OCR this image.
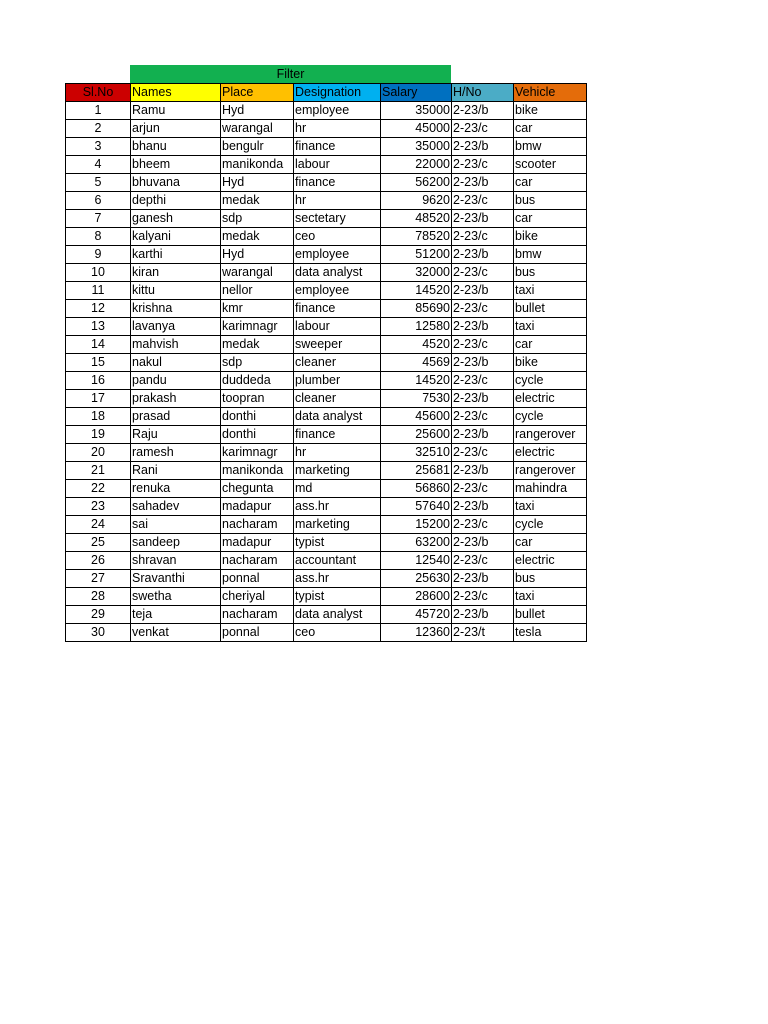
Filter
Sl.No	Names	Place	Designation	Salary	H/No	Vehicle
1	Ramu	Hyd	employee	35000	2-23/b	bike
2	arjun	warangal	hr	45000	2-23/c	car
3	bhanu	bengulr	finance	35000	2-23/b	bmw
4	bheem	manikonda	labour	22000	2-23/c	scooter
5	bhuvana	Hyd	finance	56200	2-23/b	car
6	depthi	medak	hr	9620	2-23/c	bus
7	ganesh	sdp	sectetary	48520	2-23/b	car
8	kalyani	medak	ceo	78520	2-23/c	bike
9	karthi	Hyd	employee	51200	2-23/b	bmw
10	kiran	warangal	data analyst	32000	2-23/c	bus
11	kittu	nellor	employee	14520	2-23/b	taxi
12	krishna	kmr	finance	85690	2-23/c	bullet
13	lavanya	karimnagr	labour	12580	2-23/b	taxi
14	mahvish	medak	sweeper	4520	2-23/c	car
15	nakul	sdp	cleaner	4569	2-23/b	bike
16	pandu	duddeda	plumber	14520	2-23/c	cycle
17	prakash	toopran	cleaner	7530	2-23/b	electric
18	prasad	donthi	data analyst	45600	2-23/c	cycle
19	Raju	donthi	finance	25600	2-23/b	rangerover
20	ramesh	karimnagr	hr	32510	2-23/c	electric
21	Rani	manikonda	marketing	25681	2-23/b	rangerover
22	renuka	chegunta	md	56860	2-23/c	mahindra
23	sahadev	madapur	ass.hr	57640	2-23/b	taxi
24	sai	nacharam	marketing	15200	2-23/c	cycle
25	sandeep	madapur	typist	63200	2-23/b	car
26	shravan	nacharam	accountant	12540	2-23/c	electric
27	Sravanthi	ponnal	ass.hr	25630	2-23/b	bus
28	swetha	cheriyal	typist	28600	2-23/c	taxi
29	teja	nacharam	data analyst	45720	2-23/b	bullet
30	venkat	ponnal	ceo	12360	2-23/t	tesla
